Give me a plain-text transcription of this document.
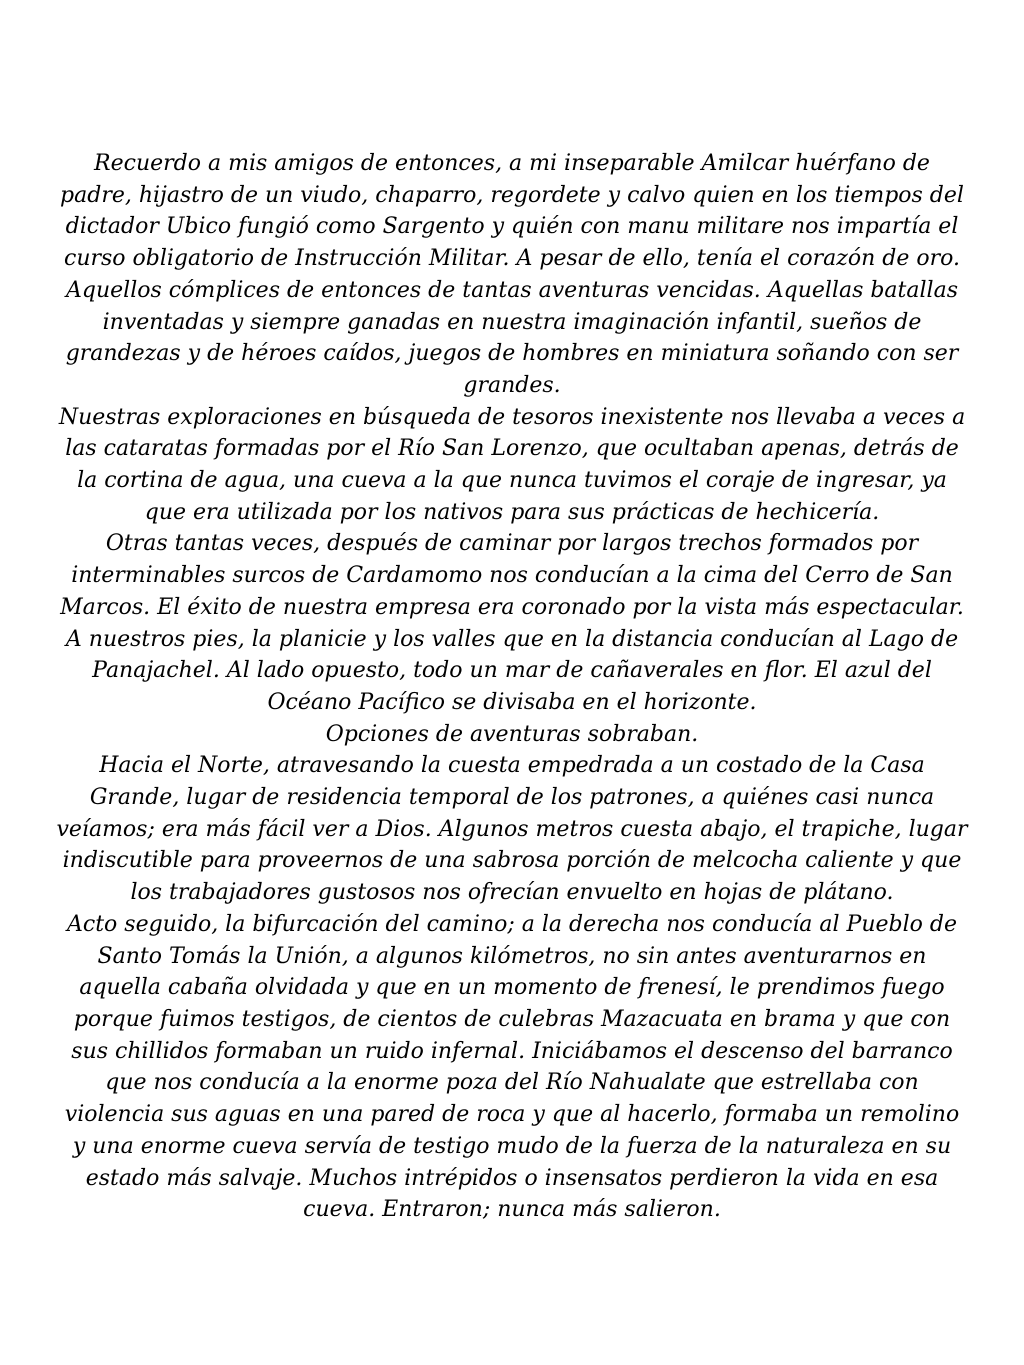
Recuerdo a mis amigos de entonces, a mi inseparable Amilcar huérfano de padre, hijastro de un viudo, chaparro, regordete y calvo quien en los tiempos del dictador Ubico fungió como Sargento y quién con manu militare nos impartía el curso obligatorio de Instrucción Militar. A pesar de ello, tenía el corazón de oro.

Aquellos cómplices de entonces de tantas aventuras vencidas. Aquellas batallas inventadas y siempre ganadas en nuestra imaginación infantil, sueños de grandezas y de héroes caídos, juegos de hombres en miniatura soñando con ser grandes.

Nuestras exploraciones en búsqueda de tesoros inexistente nos llevaba a veces a las cataratas formadas por el Río San Lorenzo, que ocultaban apenas, detrás de la cortina de agua, una cueva a la que nunca tuvimos el coraje de ingresar, ya que era utilizada por los nativos para sus prácticas de hechicería.

Otras tantas veces, después de caminar por largos trechos formados por interminables surcos de Cardamomo nos conducían a la cima del Cerro de San Marcos. El éxito de nuestra empresa era coronado por la vista más espectacular. A nuestros pies, la planicie y los valles que en la distancia conducían al Lago de Panajachel. Al lado opuesto, todo un mar de cañaverales en flor. El azul del Océano Pacífico se divisaba en el horizonte.

Opciones de aventuras sobraban.

Hacia el Norte, atravesando la cuesta empedrada a un costado de la Casa Grande, lugar de residencia temporal de los patrones, a quiénes casi nunca veíamos; era más fácil ver a Dios. Algunos metros cuesta abajo, el trapiche, lugar indiscutible para proveernos de una sabrosa porción de melcocha caliente y que los trabajadores gustosos nos ofrecían envuelto en hojas de plátano.

Acto seguido, la bifurcación del camino; a la derecha nos conducía al Pueblo de Santo Tomás la Unión, a algunos kilómetros, no sin antes aventurarnos en aquella cabaña olvidada y que en un momento de frenesí, le prendimos fuego porque fuimos testigos, de cientos de culebras Mazacuata en brama y que con sus chillidos formaban un ruido infernal. Iniciábamos el descenso del barranco que nos conducía a la enorme poza del Río Nahualate que estrellaba con violencia sus aguas en una pared de roca y que al hacerlo, formaba un remolino y una enorme cueva servía de testigo mudo de la fuerza de la naturaleza en su estado más salvaje. Muchos intrépidos o insensatos perdieron la vida en esa cueva. Entraron; nunca más salieron.
